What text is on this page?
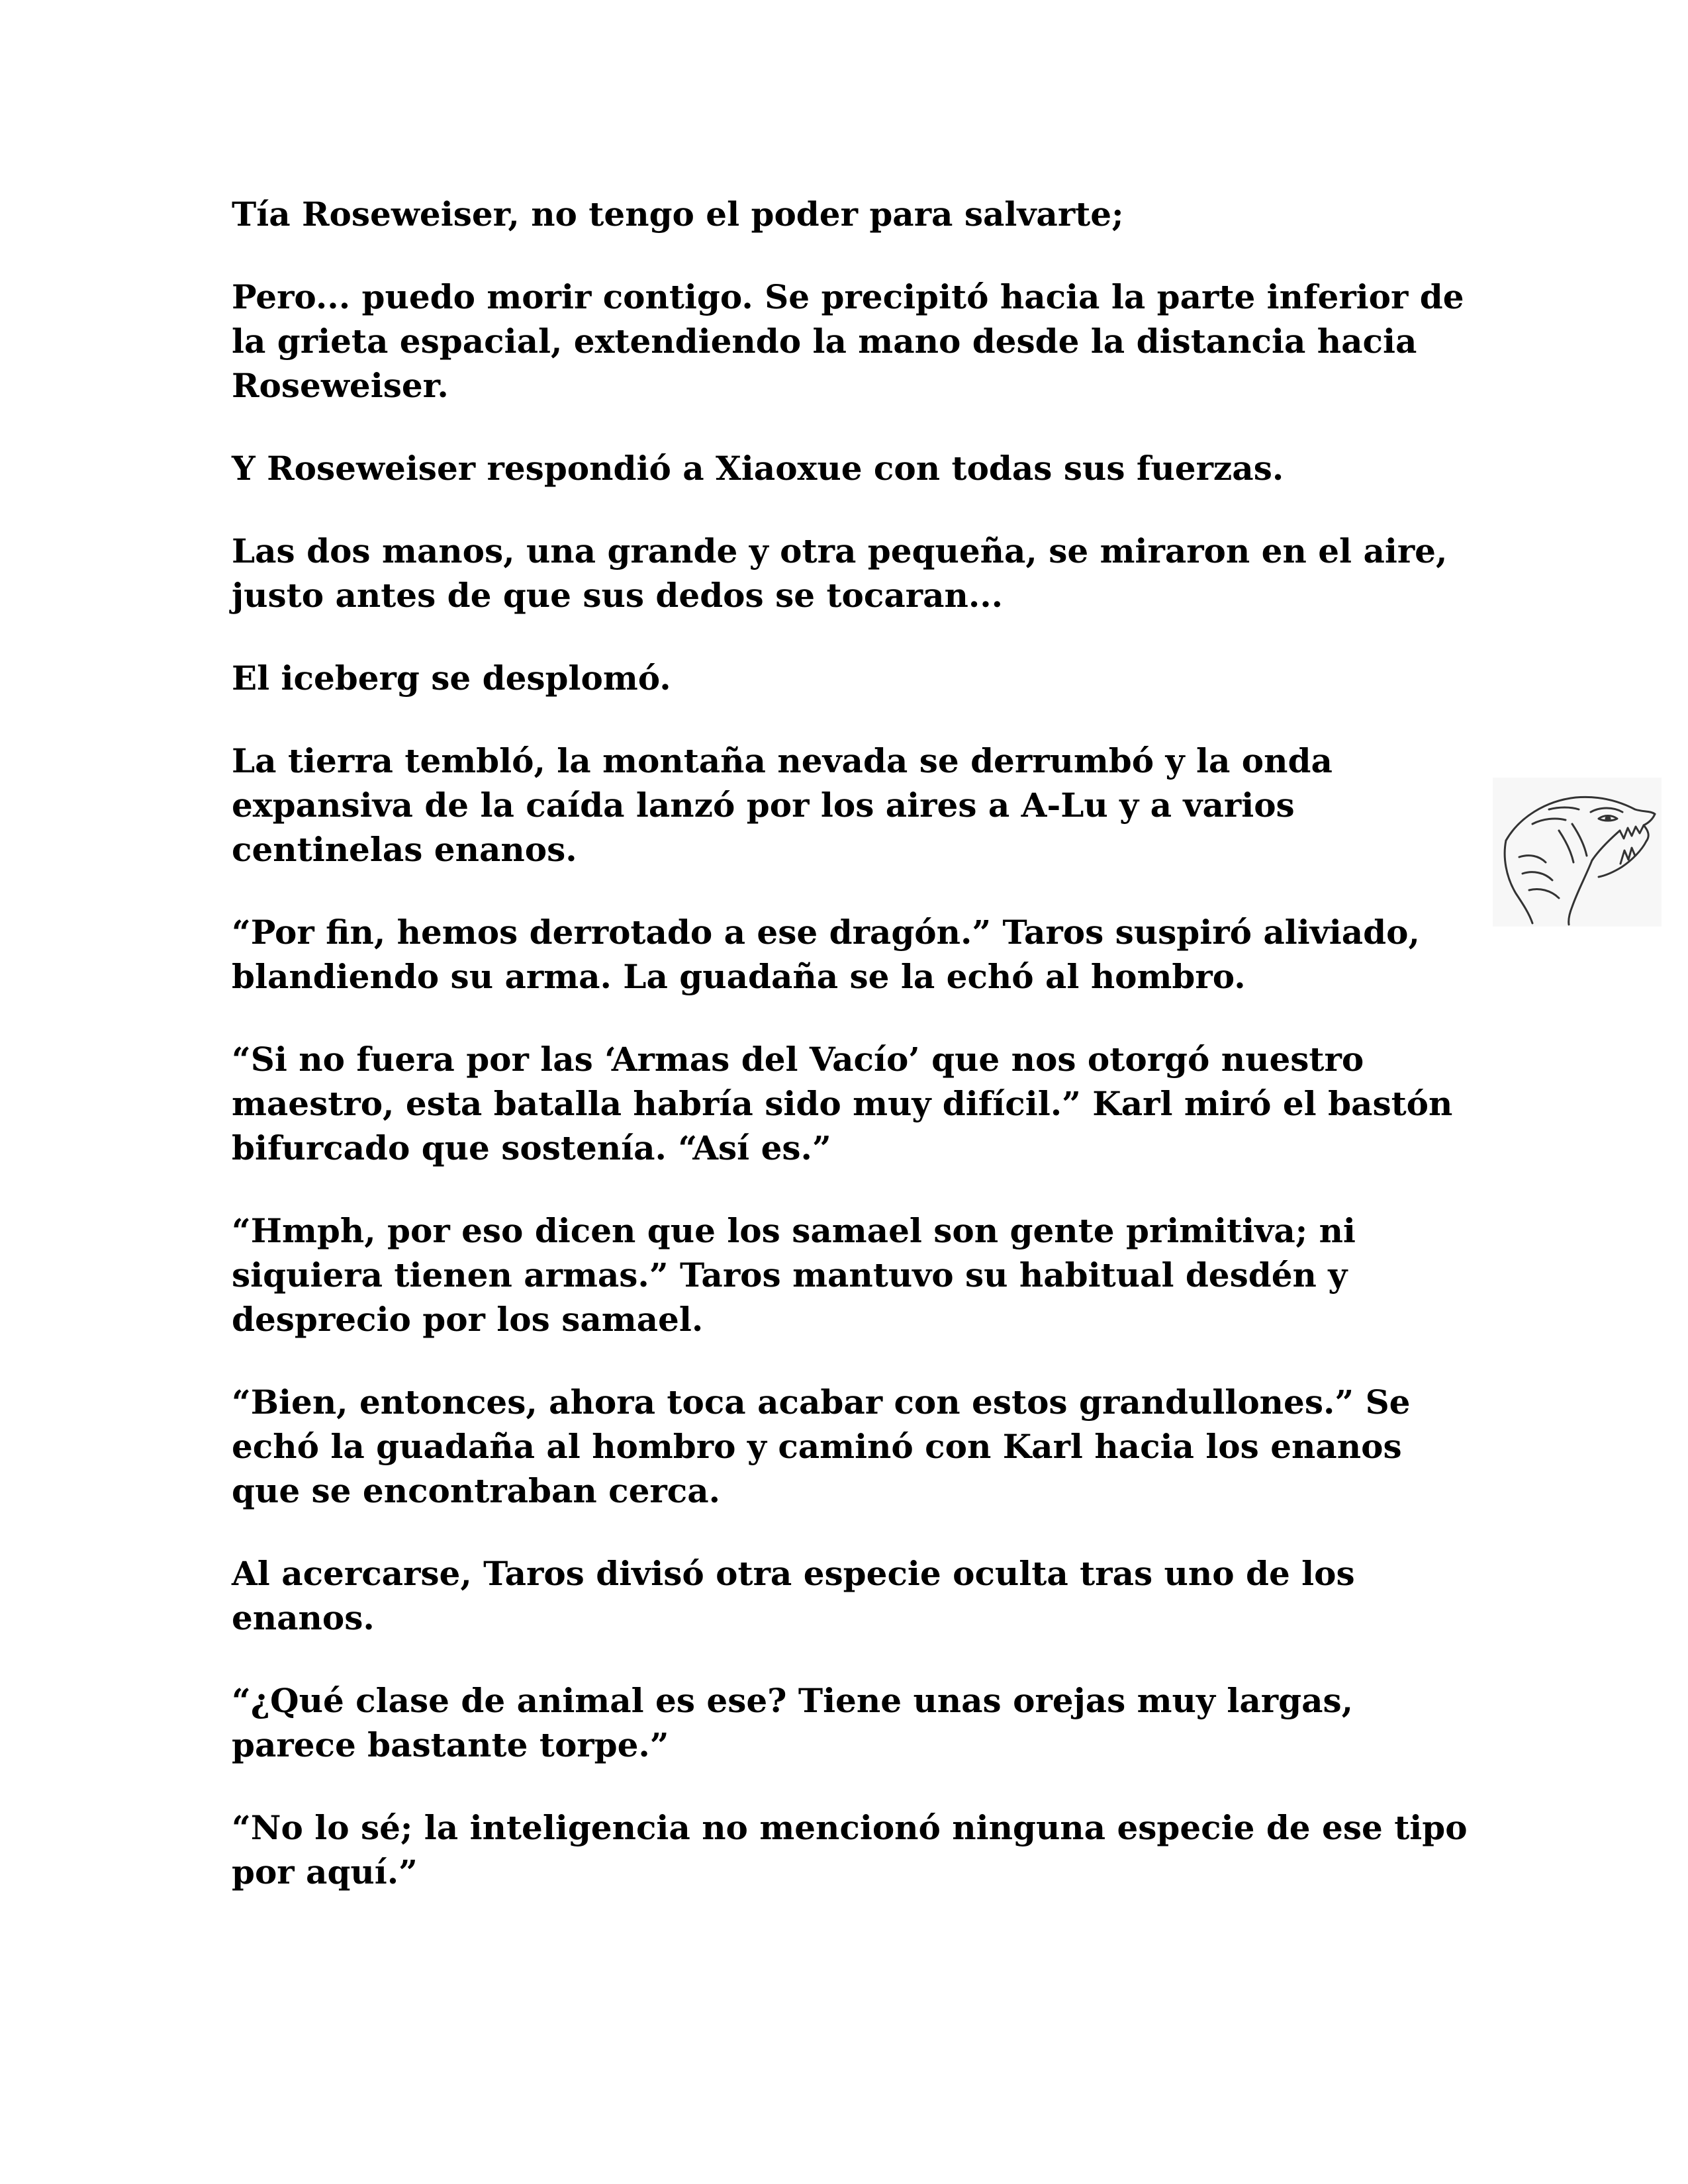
Tía Roseweiser, no tengo el poder para salvarte;

Pero... puedo morir contigo. Se precipitó hacia la parte inferior de la grieta espacial, extendiendo la mano desde la distancia hacia Roseweiser.

Y Roseweiser respondió a Xiaoxue con todas sus fuerzas.

Las dos manos, una grande y otra pequeña, se miraron en el aire, justo antes de que sus dedos se tocaran...

El iceberg se desplomó.

La tierra tembló, la montaña nevada se derrumbó y la onda expansiva de la caída lanzó por los aires a A-Lu y a varios centinelas enanos.

“Por fin, hemos derrotado a ese dragón.” Taros suspiró aliviado, blandiendo su arma. La guadaña se la echó al hombro.

“Si no fuera por las ‘Armas del Vacío’ que nos otorgó nuestro maestro, esta batalla habría sido muy difícil.” Karl miró el bastón bifurcado que sostenía. “Así es.”

“Hmph, por eso dicen que los samael son gente primitiva; ni siquiera tienen armas.” Taros mantuvo su habitual desdén y desprecio por los samael.

“Bien, entonces, ahora toca acabar con estos grandullones.” Se echó la guadaña al hombro y caminó con Karl hacia los enanos que se encontraban cerca.

Al acercarse, Taros divisó otra especie oculta tras uno de los enanos.

“¿Qué clase de animal es ese? Tiene unas orejas muy largas, parece bastante torpe.”

“No lo sé; la inteligencia no mencionó ninguna especie de ese tipo por aquí.”
